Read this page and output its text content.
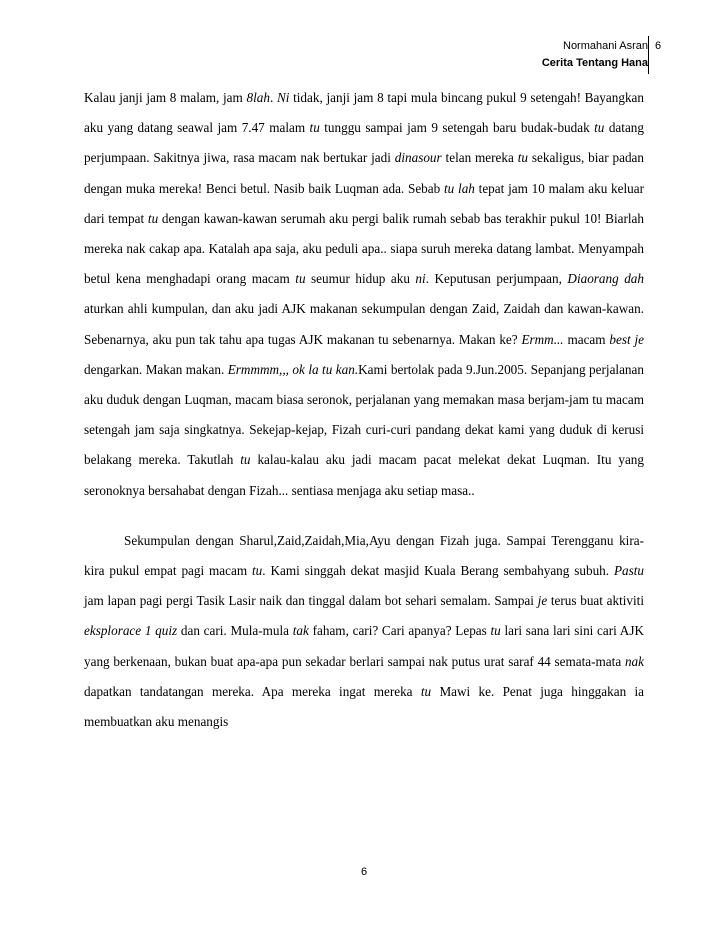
Normahani Asran
Cerita Tentang Hana
6

Kalau janji jam 8 malam, jam 8lah. Ni tidak, janji jam 8 tapi mula bincang pukul 9 setengah! Bayangkan aku yang datang seawal jam 7.47 malam tu tunggu sampai jam 9 setengah baru budak-budak tu datang perjumpaan. Sakitnya jiwa, rasa macam nak bertukar jadi dinasour telan mereka tu sekaligus, biar padan dengan muka mereka! Benci betul. Nasib baik Luqman ada. Sebab tu lah tepat jam 10 malam aku keluar dari tempat tu dengan kawan-kawan serumah aku pergi balik rumah sebab bas terakhir pukul 10! Biarlah mereka nak cakap apa. Katalah apa saja, aku peduli apa.. siapa suruh mereka datang lambat. Menyampah betul kena menghadapi orang macam tu seumur hidup aku ni. Keputusan perjumpaan, Diaorang dah aturkan ahli kumpulan, dan aku jadi AJK makanan sekumpulan dengan Zaid, Zaidah dan kawan-kawan. Sebenarnya, aku pun tak tahu apa tugas AJK makanan tu sebenarnya. Makan ke? Ermm... macam best je dengarkan. Makan makan. Ermmmm,,, ok la tu kan.Kami bertolak pada 9.Jun.2005. Sepanjang perjalanan aku duduk dengan Luqman, macam biasa seronok, perjalanan yang memakan masa berjam-jam tu macam setengah jam saja singkatnya. Sekejap-kejap, Fizah curi-curi pandang dekat kami yang duduk di kerusi belakang mereka. Takutlah tu kalau-kalau aku jadi macam pacat melekat dekat Luqman. Itu yang seronoknya bersahabat dengan Fizah... sentiasa menjaga aku setiap masa..

Sekumpulan dengan Sharul,Zaid,Zaidah,Mia,Ayu dengan Fizah juga. Sampai Terengganu kira-kira pukul empat pagi macam tu. Kami singgah dekat masjid Kuala Berang sembahyang subuh. Pastu jam lapan pagi pergi Tasik Lasir naik dan tinggal dalam bot sehari semalam. Sampai je terus buat aktiviti eksplorace 1 quiz dan cari. Mula-mula tak faham, cari? Cari apanya? Lepas tu lari sana lari sini cari AJK yang berkenaan, bukan buat apa-apa pun sekadar berlari sampai nak putus urat saraf 44 semata-mata nak dapatkan tandatangan mereka. Apa mereka ingat mereka tu Mawi ke. Penat juga hinggakan ia membuatkan aku menangis

6
